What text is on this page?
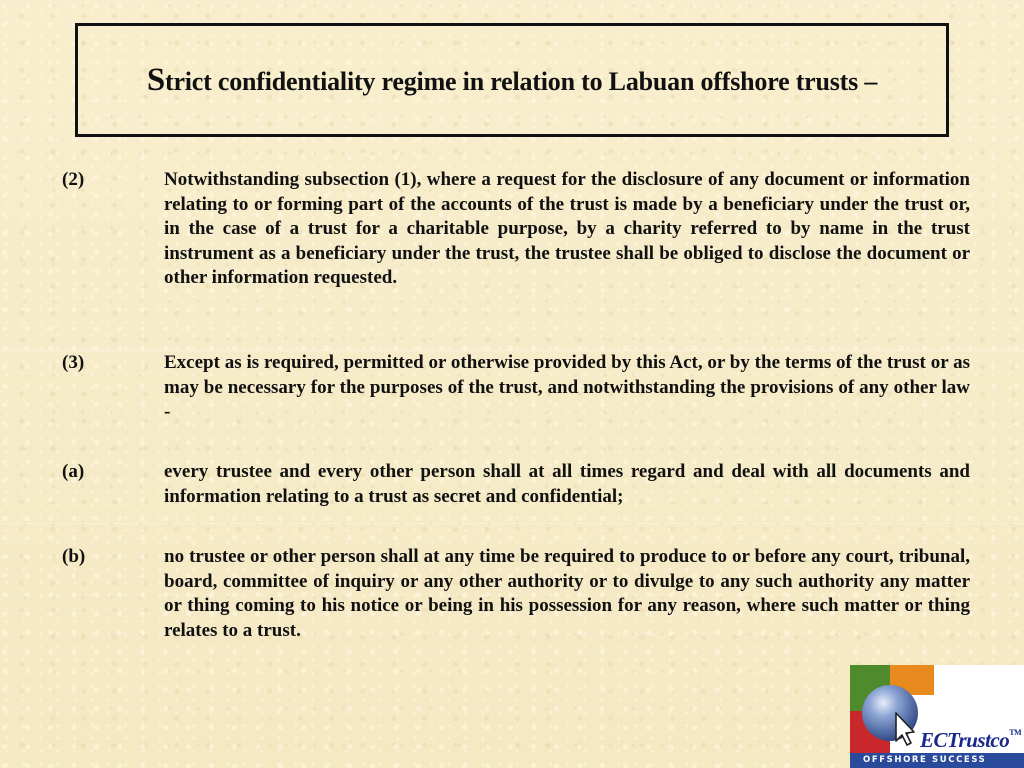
Strict confidentiality regime in relation to Labuan offshore trusts –
(2)	Notwithstanding subsection (1), where a request for the disclosure of any document or information relating to or forming part of the accounts of the trust is made by a beneficiary under the trust or, in the case of a trust for a charitable purpose, by a charity referred to by name in the trust instrument as a beneficiary under the trust, the trustee shall be obliged to disclose the document or other information requested.

(3)	Except as is required, permitted or otherwise provided by this Act, or by the terms of the trust or as may be necessary for the purposes of the trust, and notwithstanding the provisions of any other law -

(a)	every trustee and every other person shall at all times regard and deal with all documents and information relating to a trust as secret and confidential;

(b)	no trustee or other person shall at any time be required to produce to or before any court, tribunal, board, committee of inquiry or any other authority or to divulge to any such authority any matter or thing coming to his notice or being in his possession for any reason, where such matter or thing relates to a trust.

ECTrustco™
OFFSHORE SUCCESS
